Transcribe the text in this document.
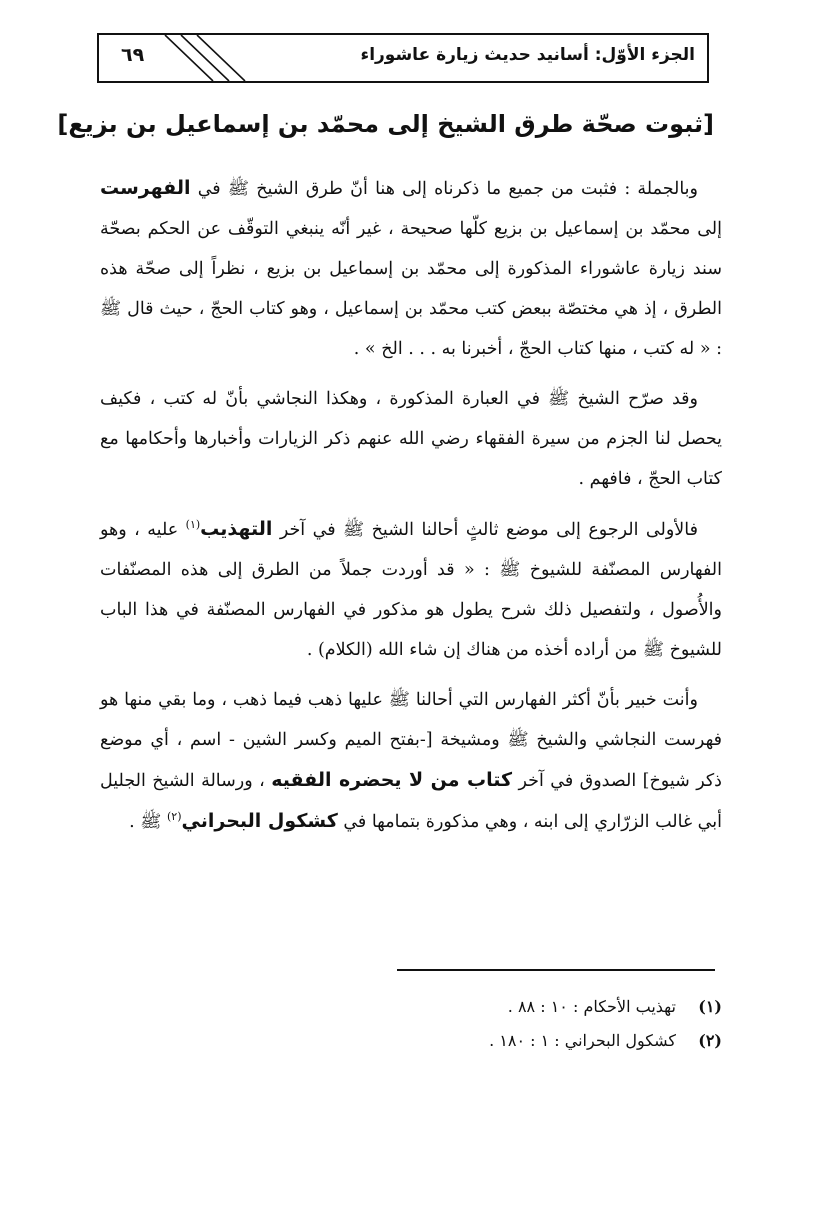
الجزء الأوّل: أسانيد حديث زيارة عاشوراء
٦٩
[ثبوت صحّة طرق الشيخ إلى محمّد بن إسماعيل بن بزيع]

وبالجملة : فثبت من جميع ما ذكرناه إلى هنا أنّ طرق الشيخ ﷺ في الفهرست إلى محمّد بن إسماعيل بن بزيع كلّها صحيحة ، غير أنّه ينبغي التوقّف عن الحكم بصحّة سند زيارة عاشوراء المذكورة إلى محمّد بن إسماعيل بن بزيع ، نظراً إلى صحّة هذه الطرق ، إذ هي مختصّة ببعض كتب محمّد بن إسماعيل ، وهو كتاب الحجّ ، حيث قال ﷺ : « له كتب ، منها كتاب الحجّ ، أخبرنا به . . . الخ » .

وقد صرّح الشيخ ﷺ في العبارة المذكورة ، وهكذا النجاشي بأنّ له كتب ، فكيف يحصل لنا الجزم من سيرة الفقهاء رضي الله عنهم ذكر الزيارات وأخبارها وأحكامها مع كتاب الحجّ ، فافهم .

فالأولى الرجوع إلى موضع ثالثٍ أحالنا الشيخ ﷺ في آخر التهذيب$^{(١)}$ عليه ، وهو الفهارس المصنّفة للشيوخ ﷺ : « قد أوردت جملاً من الطرق إلى هذه المصنّفات والأُصول ، ولتفصيل ذلك شرح يطول هو مذكور في الفهارس المصنّفة في هذا الباب للشيوخ ﷺ من أراده أخذه من هناك إن شاء الله (الكلام) .

وأنت خبير بأنّ أكثر الفهارس التي أحالنا ﷺ عليها ذهب فيما ذهب ، وما بقي منها هو فهرست النجاشي والشيخ ﷺ ومشيخة [-بفتح الميم وكسر الشين - اسم ، أي موضع ذكر شيوخ] الصدوق في آخر كتاب من لا يحضره الفقيه ، ورسالة الشيخ الجليل أبي غالب الزرّاري إلى ابنه ، وهي مذكورة بتمامها في كشكول البحراني$^{(٢)}$ ﷺ .

(١)تهذيب الأحكام : ١٠ : ٨٨ .
(٢)كشكول البحراني : ١ : ١٨٠ .
